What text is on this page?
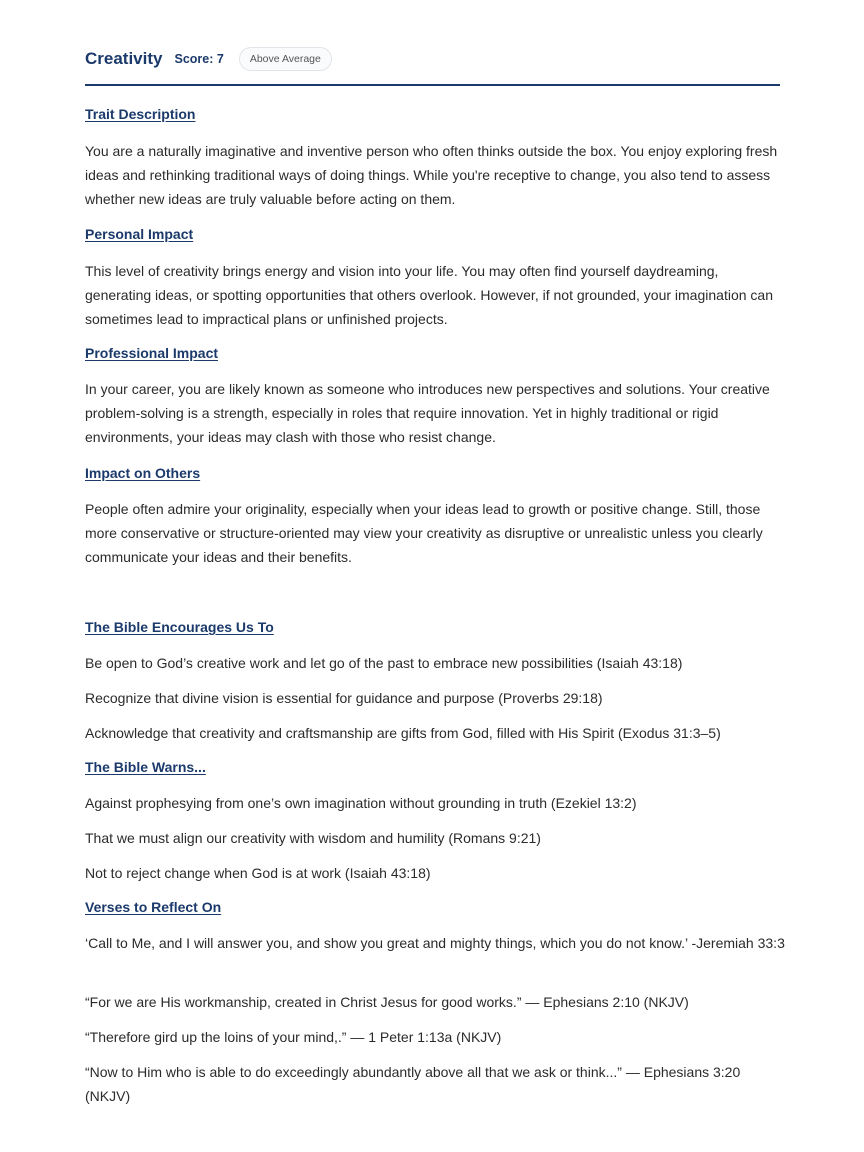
Creativity Score: 7	Above Average
Trait Description
You are a naturally imaginative and inventive person who often thinks outside the box. You enjoy exploring fresh ideas and rethinking traditional ways of doing things. While you're receptive to change, you also tend to assess whether new ideas are truly valuable before acting on them.
Personal Impact
This level of creativity brings energy and vision into your life. You may often find yourself daydreaming, generating ideas, or spotting opportunities that others overlook. However, if not grounded, your imagination can sometimes lead to impractical plans or unfinished projects.
Professional Impact
In your career, you are likely known as someone who introduces new perspectives and solutions. Your creative problem-solving is a strength, especially in roles that require innovation. Yet in highly traditional or rigid environments, your ideas may clash with those who resist change.
Impact on Others
People often admire your originality, especially when your ideas lead to growth or positive change. Still, those more conservative or structure-oriented may view your creativity as disruptive or unrealistic unless you clearly communicate your ideas and their benefits.
The Bible Encourages Us To
Be open to God’s creative work and let go of the past to embrace new possibilities (Isaiah 43:18)
Recognize that divine vision is essential for guidance and purpose (Proverbs 29:18)
Acknowledge that creativity and craftsmanship are gifts from God, filled with His Spirit (Exodus 31:3–5)
The Bible Warns...
Against prophesying from one’s own imagination without grounding in truth (Ezekiel 13:2)
That we must align our creativity with wisdom and humility (Romans 9:21)
Not to reject change when God is at work (Isaiah 43:18)
Verses to Reflect On
‘Call to Me, and I will answer you, and show you great and mighty things, which you do not know.’ -Jeremiah 33:3
“For we are His workmanship, created in Christ Jesus for good works.” — Ephesians 2:10 (NKJV)
“Therefore gird up the loins of your mind,.” — 1 Peter 1:13a (NKJV)
“Now to Him who is able to do exceedingly abundantly above all that we ask or think...” — Ephesians 3:20 (NKJV)
